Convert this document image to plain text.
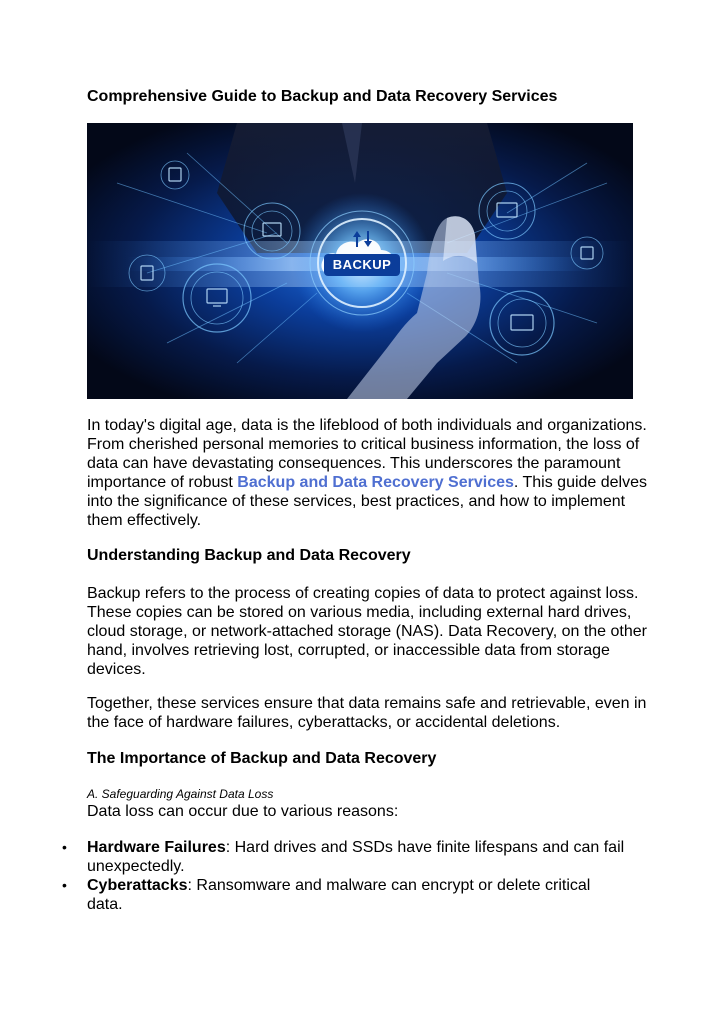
Comprehensive Guide to Backup and Data Recovery Services
BACKUP

In today's digital age, data is the lifeblood of both individuals and organizations. From cherished personal memories to critical business information, the loss of data can have devastating consequences. This underscores the paramount importance of robust Backup and Data Recovery Services. This guide delves into the significance of these services, best practices, and how to implement them effectively.

Understanding Backup and Data Recovery

Backup refers to the process of creating copies of data to protect against loss. These copies can be stored on various media, including external hard drives, cloud storage, or network-attached storage (NAS). Data Recovery, on the other hand, involves retrieving lost, corrupted, or inaccessible data from storage devices.

Together, these services ensure that data remains safe and retrievable, even in the face of hardware failures, cyberattacks, or accidental deletions.

The Importance of Backup and Data Recovery

A. Safeguarding Against Data Loss

Data loss can occur due to various reasons:

• Hardware Failures: Hard drives and SSDs have finite lifespans and can fail unexpectedly.
• Cyberattacks: Ransomware and malware can encrypt or delete critical data.
